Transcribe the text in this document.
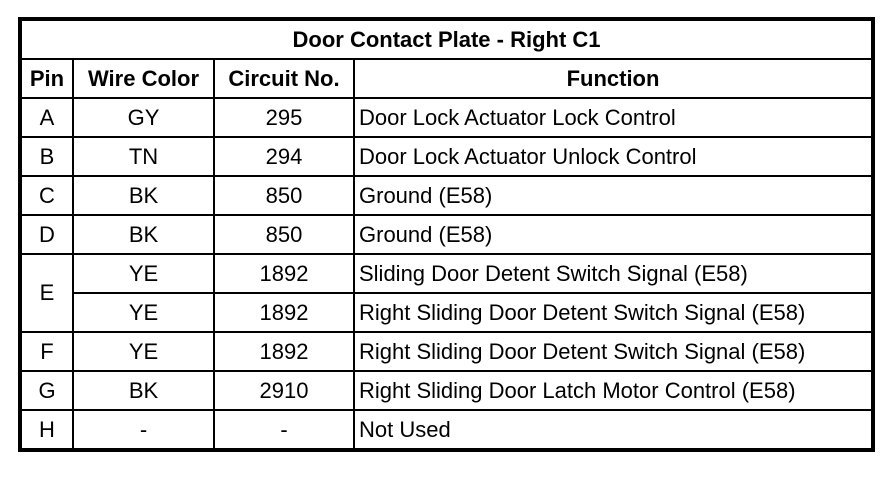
Door Contact Plate - Right C1			
Pin	Wire Color	Circuit No.	Function
A	GY	295	Door Lock Actuator Lock Control
B	TN	294	Door Lock Actuator Unlock Control
C	BK	850	Ground (E58)
D	BK	850	Ground (E58)
E	YE	1892	Sliding Door Detent Switch Signal (E58)
	YE	1892	Right Sliding Door Detent Switch Signal (E58)
F	YE	1892	Right Sliding Door Detent Switch Signal (E58)
G	BK	2910	Right Sliding Door Latch Motor Control (E58)
H	-	-	Not Used
